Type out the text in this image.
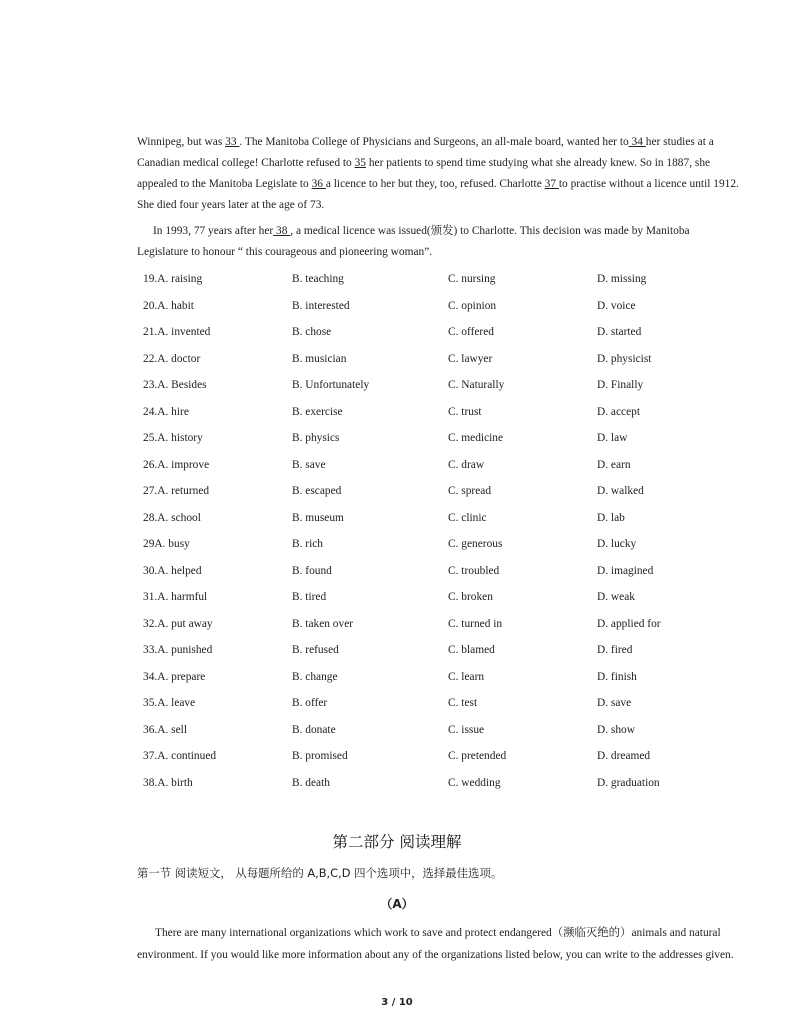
Winnipeg, but was 33 . The Manitoba College of Physicians and Surgeons, an all-male board, wanted her to 34 her studies at a Canadian medical college! Charlotte refused to 35 her patients to spend time studying what she already knew. So in 1887, she appealed to the Manitoba Legislate to 36 a licence to her but they, too, refused. Charlotte 37 to practise without a licence until 1912. She died four years later at the age of 73.
In 1993, 77 years after her 38 , a medical licence was issued(颁发) to Charlotte. This decision was made by Manitoba Legislature to honour “ this courageous and pioneering woman”.
19.A. raising	B. teaching	C. nursing	D. missing
20.A. habit	B. interested	C. opinion	D. voice
21.A. invented	B. chose	C. offered	D. started
22.A. doctor	B. musician	C. lawyer	D. physicist
23.A. Besides	B. Unfortunately	C. Naturally	D. Finally
24.A. hire	B. exercise	C. trust	D. accept
25.A. history	B. physics	C. medicine	D. law
26.A. improve	B. save	C. draw	D. earn
27.A. returned	B. escaped	C. spread	D. walked
28.A. school	B. museum	C. clinic	D. lab
29A. busy	B. rich	C. generous	D. lucky
30.A. helped	B. found	C. troubled	D. imagined
31.A. harmful	B. tired	C. broken	D. weak
32.A. put away	B. taken over	C. turned in	D. applied for
33.A. punished	B. refused	C. blamed	D. fired
34.A. prepare	B. change	C. learn	D. finish
35.A. leave	B. offer	C. test	D. save
36.A. sell	B. donate	C. issue	D. show
37.A. continued	B. promised	C. pretended	D. dreamed
38.A. birth	B. death	C. wedding	D. graduation
第二部分 阅读理解
第一节 阅读短文， 从每题所给的 A,B,C,D 四个选项中，选择最佳选项。
（A）
There are many international organizations which work to save and protect endangered（濒临灭绝的）animals and natural environment. If you would like more information about any of the organizations listed below, you can write to the addresses given.
3 / 10
